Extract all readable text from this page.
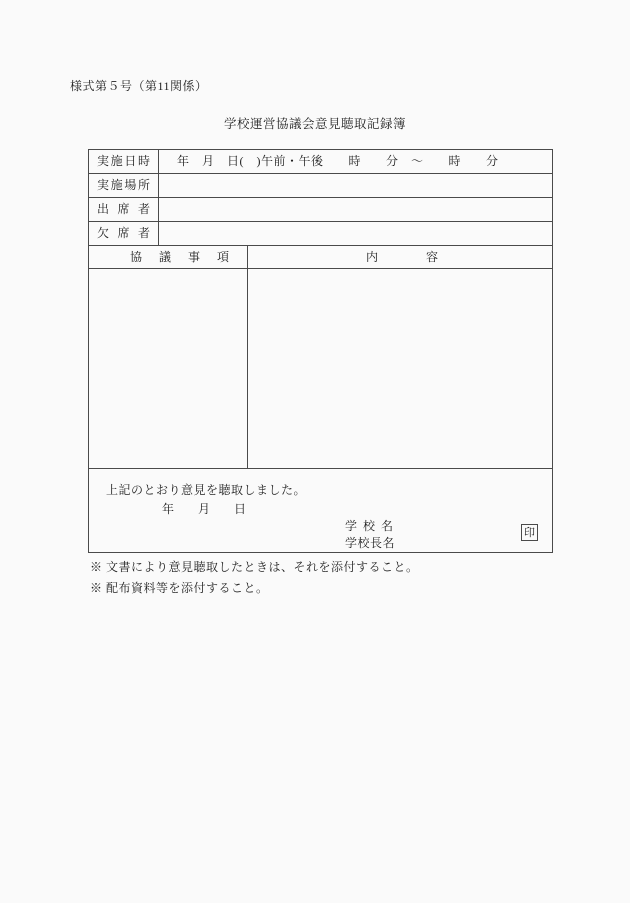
様式第５号（第11関係）
学校運営協議会意見聴取記録簿
実施日時	年　月　日(　)午前・午後　　時　　分　～　　時　　分
実施場所
出席者
欠席者
協議事項	内容
上記のとおり意見を聴取しました。
年　　月　　日
学 校 名
学校長名
印
※ 文書により意見聴取したときは、それを添付すること。
※ 配布資料等を添付すること。
